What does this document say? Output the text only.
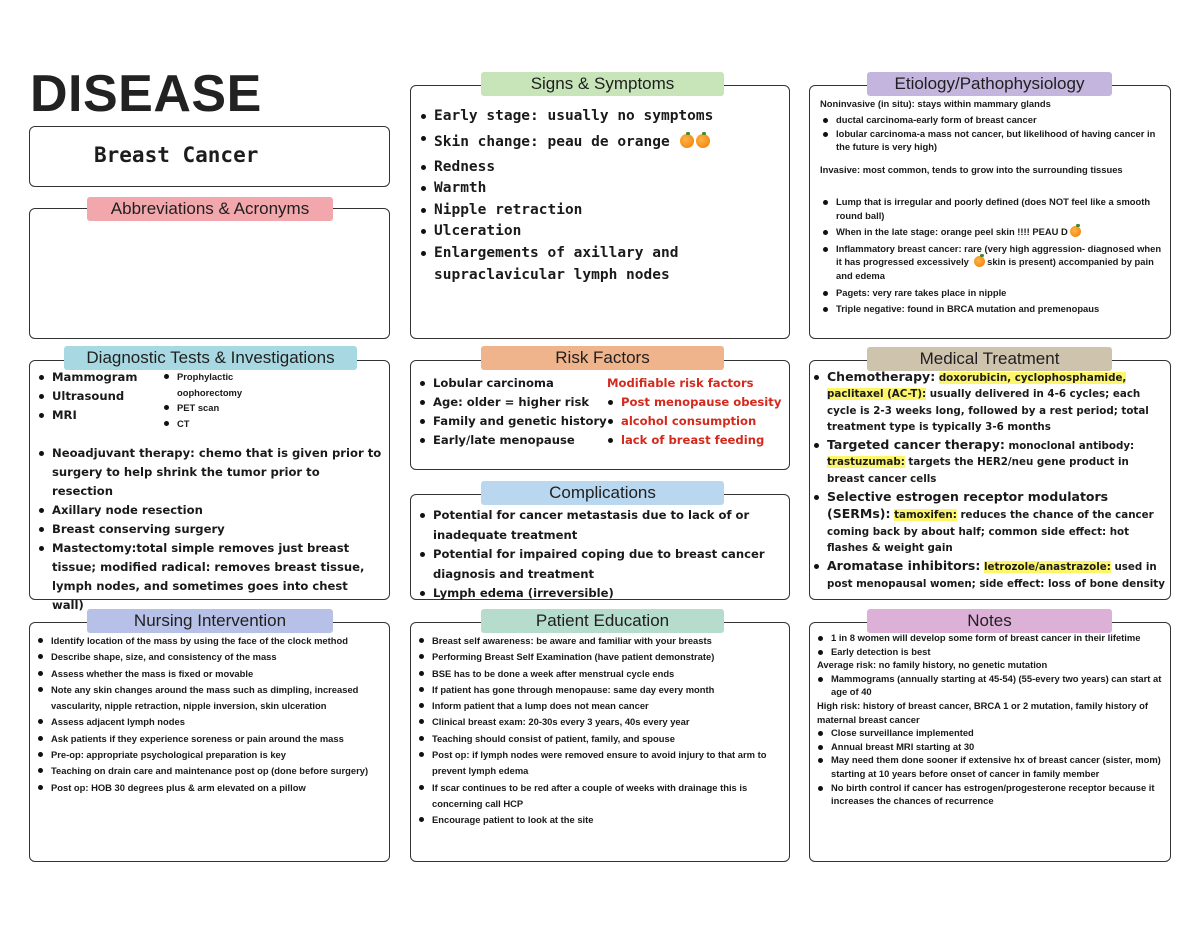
DISEASE
Breast Cancer
Abbreviations & Acronyms
Signs & Symptoms
Early stage: usually no symptoms
Skin change: peau de orange
Redness
Warmth
Nipple retraction
Ulceration
Enlargements of axillary and supraclavicular lymph nodes
Etiology/Pathophysiology
Noninvasive (in situ): stays within mammary glands
ductal carcinoma-early form of breast cancer
lobular carcinoma-a mass not cancer, but likelihood of having cancer in the future is very high)
Invasive: most common, tends to grow into the surrounding tissues
Lump that is irregular and poorly defined (does NOT feel like a smooth round ball)
When in the late stage: orange peel skin !!!! PEAU D
Inflammatory breast cancer: rare (very high aggression- diagnosed when it has progressed excessively skin is present) accompanied by pain and edema
Pagets: very rare takes place in nipple
Triple negative: found in BRCA mutation and premenopaus
Diagnostic Tests & Investigations
Mammogram
Ultrasound
MRI
Prophylactic oophorectomy
PET scan
CT
Neoadjuvant therapy: chemo that is given prior to surgery to help shrink the tumor prior to resection
Axillary node resection
Breast conserving surgery
Mastectomy:total simple removes just breast tissue; modified radical: removes breast tissue, lymph nodes, and sometimes goes into chest wall)
Risk Factors
Lobular carcinoma
Age: older = higher risk
Family and genetic history
Early/late menopause
Modifiable risk factors
Post menopause obesity
alcohol consumption
lack of breast feeding
Complications
Potential for cancer metastasis due to lack of or inadequate treatment
Potential for impaired coping due to breast cancer diagnosis and treatment
Lymph edema (irreversible)
Medical Treatment
Chemotherapy: doxorubicin, cyclophosphamide, paclitaxel (AC-T): usually delivered in 4-6 cycles; each cycle is 2-3 weeks long, followed by a rest period; total treatment type is typically 3-6 months
Targeted cancer therapy: monoclonal antibody: trastuzumab: targets the HER2/neu gene product in breast cancer cells
Selective estrogen receptor modulators (SERMs): tamoxifen: reduces the chance of the cancer coming back by about half; common side effect: hot flashes & weight gain
Aromatase inhibitors: letrozole/anastrazole: used in post menopausal women; side effect: loss of bone density
Nursing Intervention
Identify location of the mass by using the face of the clock method
Describe shape, size, and consistency of the mass
Assess whether the mass is fixed or movable
Note any skin changes around the mass such as dimpling, increased vascularity, nipple retraction, nipple inversion, skin ulceration
Assess adjacent lymph nodes
Ask patients if they experience soreness or pain around the mass
Pre-op: appropriate psychological preparation is key
Teaching on drain care and maintenance post op (done before surgery)
Post op: HOB 30 degrees plus & arm elevated on a pillow
Patient Education
Breast self awareness: be aware and familiar with your breasts
Performing Breast Self Examination (have patient demonstrate)
BSE has to be done a week after menstrual cycle ends
If patient has gone through menopause: same day every month
Inform patient that a lump does not mean cancer
Clinical breast exam: 20-30s every 3 years, 40s every year
Teaching should consist of patient, family, and spouse
Post op: if lymph nodes were removed ensure to avoid injury to that arm to prevent lymph edema
If scar continues to be red after a couple of weeks with drainage this is concerning call HCP
Encourage patient to look at the site
Notes
1 in 8 women will develop some form of breast cancer in their lifetime
Early detection is best
Average risk: no family history, no genetic mutation
Mammograms (annually starting at 45-54) (55-every two years) can start at age of 40
High risk: history of breast cancer, BRCA 1 or 2 mutation, family history of maternal breast cancer
Close surveillance implemented
Annual breast MRI starting at 30
May need them done sooner if extensive hx of breast cancer (sister, mom) starting at 10 years before onset of cancer in family member
No birth control if cancer has estrogen/progesterone receptor because it increases the chances of recurrence
